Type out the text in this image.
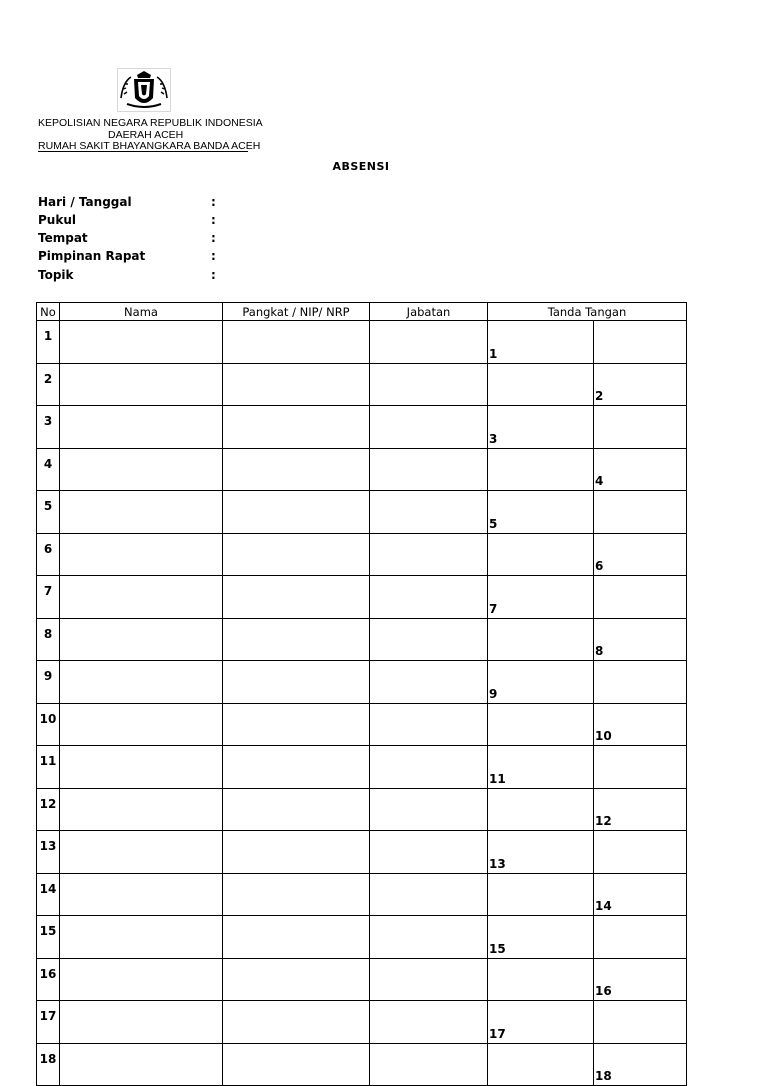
KEPOLISIAN NEGARA REPUBLIK INDONESIA
DAERAH ACEH
RUMAH SAKIT BHAYANGKARA BANDA ACEH
ABSENSI
Hari / Tanggal	:
Pukul	:
Tempat	:
Pimpinan Rapat	:
Topik	:
No	Nama	Pangkat / NIP/ NRP	Jabatan	Tanda Tangan	
1				1	
2					2
3				3	
4					4
5				5	
6					6
7				7	
8					8
9				9	
10					10
11				11	
12					12
13				13	
14					14
15				15	
16					16
17				17	
18					18
